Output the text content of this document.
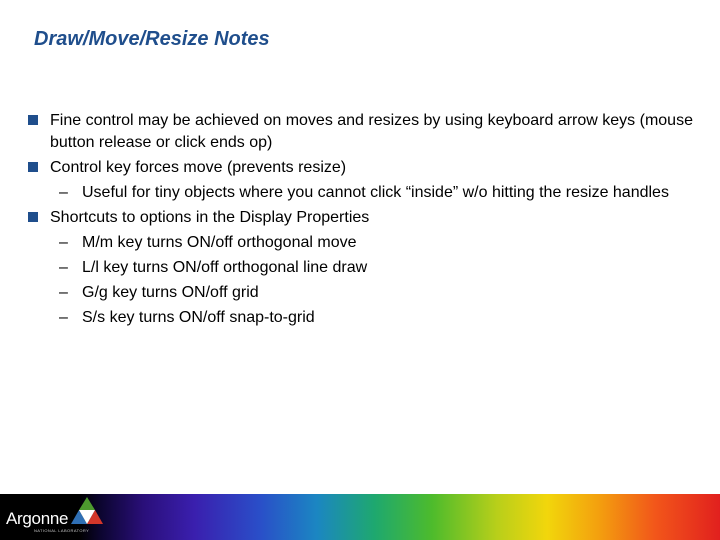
Draw/Move/Resize Notes
Fine control may be achieved on moves and resizes by using keyboard arrow keys (mouse button release or click ends op)
Control key forces move (prevents resize)
– Useful for tiny objects where you cannot click “inside” w/o hitting the resize handles
Shortcuts to options in the Display Properties
– M/m key turns ON/off orthogonal move
– L/l key turns ON/off orthogonal line draw
– G/g key turns ON/off grid
– S/s key turns ON/off snap-to-grid
Argonne
NATIONAL LABORATORY
